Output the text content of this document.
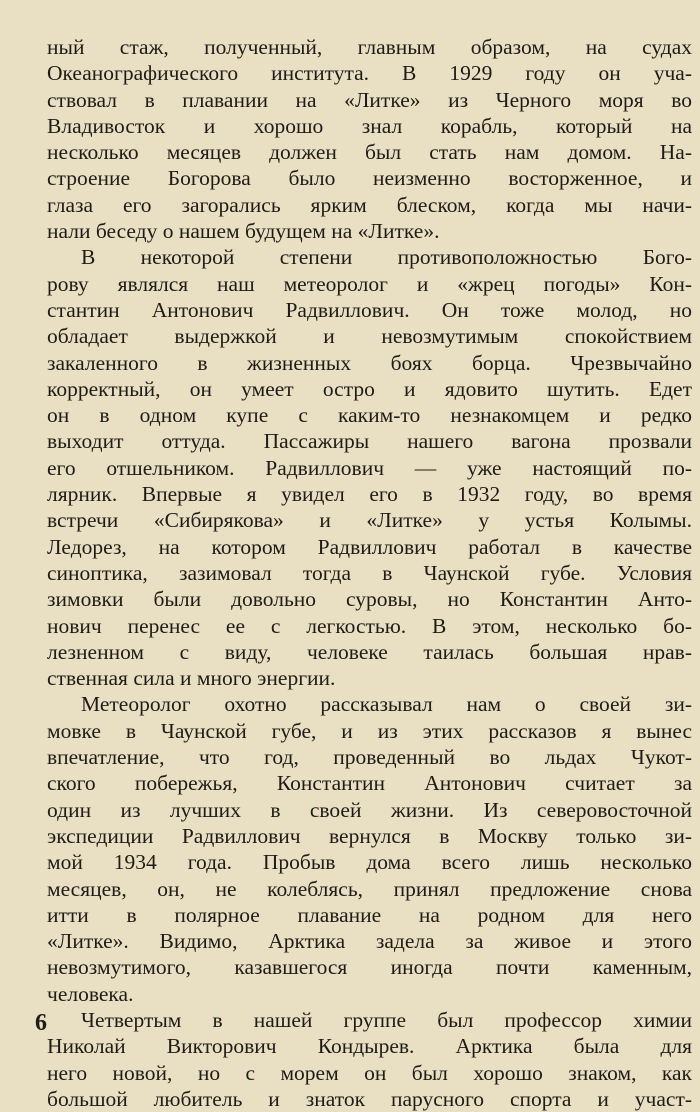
ный стаж, полученный, главным образом, на судах
Океанографического института. В 1929 году он уча-
ствовал в плавании на «Литке» из Черного моря во
Владивосток и хорошо знал корабль, который на
несколько месяцев должен был стать нам домом. На-
строение Богорова было неизменно восторженное, и
глаза его загорались ярким блеском, когда мы начи-
нали беседу о нашем будущем на «Литке».
В некоторой степени противоположностью Бого-
рову являлся наш метеоролог и «жрец погоды» Кон-
стантин Антонович Радвиллович. Он тоже молод, но
обладает выдержкой и невозмутимым спокойствием
закаленного в жизненных боях борца. Чрезвычайно
корректный, он умеет остро и ядовито шутить. Едет
он в одном купе с каким-то незнакомцем и редко
выходит оттуда. Пассажиры нашего вагона прозвали
его отшельником. Радвиллович — уже настоящий по-
лярник. Впервые я увидел его в 1932 году, во время
встречи «Сибирякова» и «Литке» у устья Колымы.
Ледорез, на котором Радвиллович работал в качестве
синоптика, зазимовал тогда в Чаунской губе. Условия
зимовки были довольно суровы, но Константин Анто-
нович перенес ее с легкостью. В этом, несколько бо-
лезненном с виду, человеке таилась большая нрав-
ственная сила и много энергии.
Метеоролог охотно рассказывал нам о своей зи-
мовке в Чаунской губе, и из этих рассказов я вынес
впечатление, что год, проведенный во льдах Чукот-
ского побережья, Константин Антонович считает за
один из лучших в своей жизни. Из северовосточной
экспедиции Радвиллович вернулся в Москву только зи-
мой 1934 года. Пробыв дома всего лишь несколько
месяцев, он, не колеблясь, принял предложение снова
итти в полярное плавание на родном для него
«Литке». Видимо, Арктика задела за живое и этого
невозмутимого, казавшегося иногда почти каменным,
человека.
Четвертым в нашей группе был профессор химии
Николай Викторович Кондырев. Арктика была для
него новой, но с морем он был хорошо знаком, как
большой любитель и знаток парусного спорта и участ-
6
